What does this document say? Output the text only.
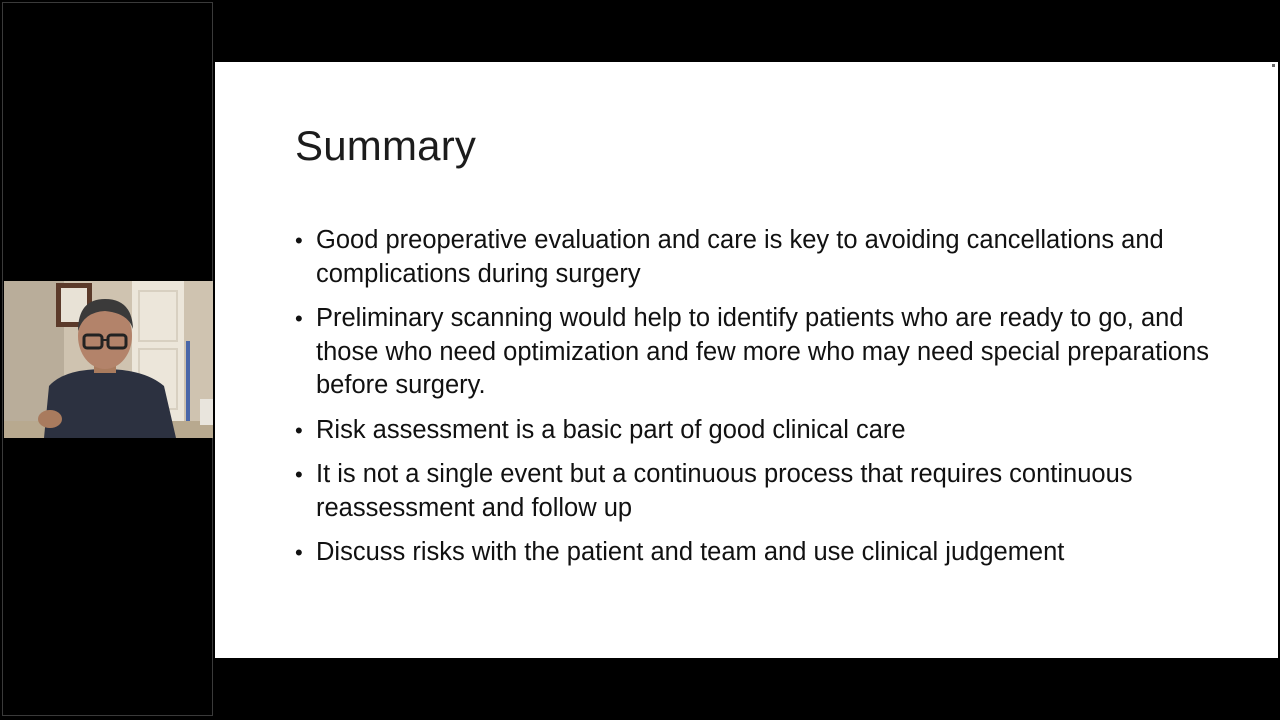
Summary
• Good preoperative evaluation and care is key to avoiding cancellations and complications during surgery
• Preliminary scanning would help to identify patients who are ready to go, and those who need optimization and few more who may need special preparations before surgery.
• Risk assessment is a basic part of good clinical care
• It is not a single event but a continuous process that requires continuous reassessment and follow up
• Discuss risks with the patient and team and use clinical judgement
